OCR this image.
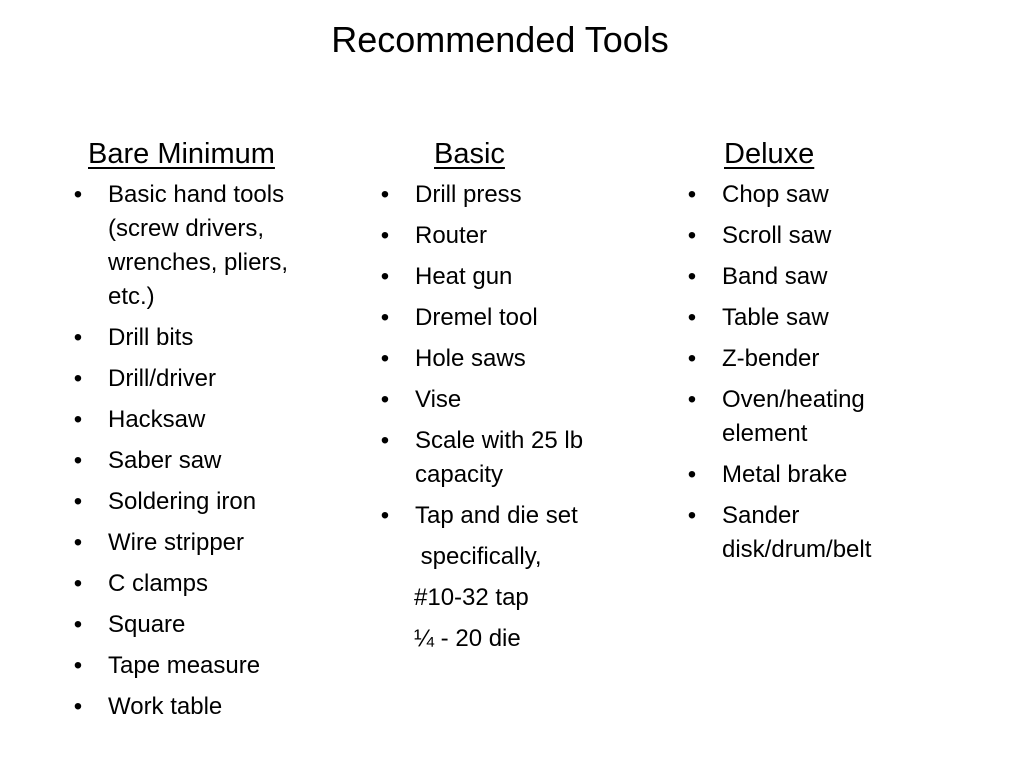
Recommended Tools
Bare Minimum
• Basic hand tools (screw drivers, wrenches, pliers, etc.)
• Drill bits
• Drill/driver
• Hacksaw
• Saber saw
• Soldering iron
• Wire stripper
• C clamps
• Square
• Tape measure
• Work table
Basic
• Drill press
• Router
• Heat gun
• Dremel tool
• Hole saws
• Vise
• Scale with 25 lb capacity
• Tap and die set
specifically,
#10-32 tap
¼ - 20 die
Deluxe
• Chop saw
• Scroll saw
• Band saw
• Table saw
• Z-bender
• Oven/heating element
• Metal brake
• Sander disk/drum/belt
